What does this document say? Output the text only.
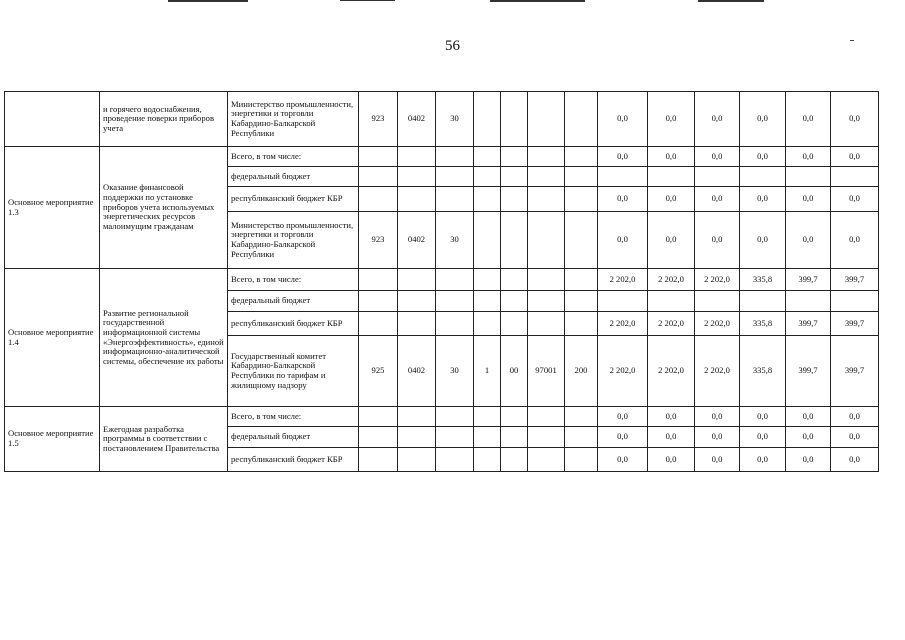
56
	и горячего водоснабжения, проведение поверки приборов учета	Министерство промышленности, энергетики и торговли Кабардино-Балкарской Республики	923	0402	30					0,0	0,0	0,0	0,0	0,0	0,0
Основное мероприятие 1.3	Оказание финансовой поддержки по установке приборов учета используемых энергетических ресурсов малоимущим гражданам	Всего, в том числе:								0,0	0,0	0,0	0,0	0,0	0,0
		федеральный бюджет													
		республиканский бюджет КБР								0,0	0,0	0,0	0,0	0,0	0,0
		Министерство промышленности, энергетики и торговли Кабардино-Балкарской Республики	923	0402	30					0,0	0,0	0,0	0,0	0,0	0,0
Основное мероприятие 1.4	Развитие региональной государственной информационной системы «Энергоэффективность», единой информационно-аналитической системы, обеспечение их работы	Всего, в том числе:								2 202,0	2 202,0	2 202,0	335,8	399,7	399,7
		федеральный бюджет													
		республиканский бюджет КБР								2 202,0	2 202,0	2 202,0	335,8	399,7	399,7
		Государственный комитет Кабардино-Балкарской Республики по тарифам и жилищному надзору	925	0402	30	1	00	97001	200	2 202,0	2 202,0	2 202,0	335,8	399,7	399,7
Основное мероприятие 1.5	Ежегодная разработка программы в соответствии с постановлением Правительства	Всего, в том числе:								0,0	0,0	0,0	0,0	0,0	0,0
		федеральный бюджет								0,0	0,0	0,0	0,0	0,0	0,0
		республиканский бюджет КБР								0,0	0,0	0,0	0,0	0,0	0,0
